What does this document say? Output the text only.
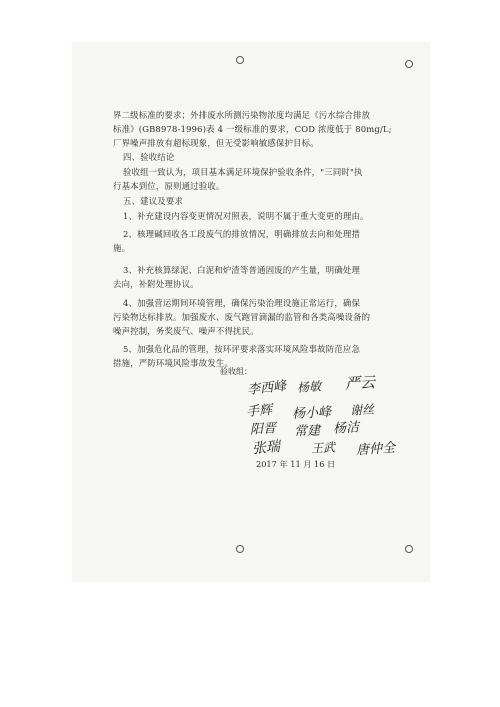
界二级标准的要求；外排废水所测污染物浓度均满足《污水综合排放
标准》(GB8978-1996)表 4 一级标准的要求，COD 浓度低于 80mg/L;
厂界噪声排放有超标现象，但无受影响敏感保护目标。
四、验收结论
验收组一致认为，项目基本满足环境保护验收条件，"三同时"执
行基本到位，原则通过验收。
五、建议及要求
1、补充建设内容变更情况对照表，说明不属于重大变更的理由。
2、核理碱回收各工段废气的排放情况，明确排放去向和处理措
施。
3、补充核算绿泥、白泥和炉渣等普通固废的产生量，明确处理
去向，补附处理协议。
4、加强营运期间环境管理，确保污染治理设施正常运行，确保
污染物达标排放。加强废水、废气跑冒滴漏的监管和各类高噪设备的
噪声控制，务奖废气、噪声不得扰民。
5、加强危化品的管理，按环评要求落实环境风险事故防范应急
措施，严防环境风险事故发生。
验收组：
李西峰 杨敏 严云
手辉 杨小峰 谢丝
阳晋 常建 杨洁
张瑞 王武 唐仲全
2017 年 11 月 16 日
